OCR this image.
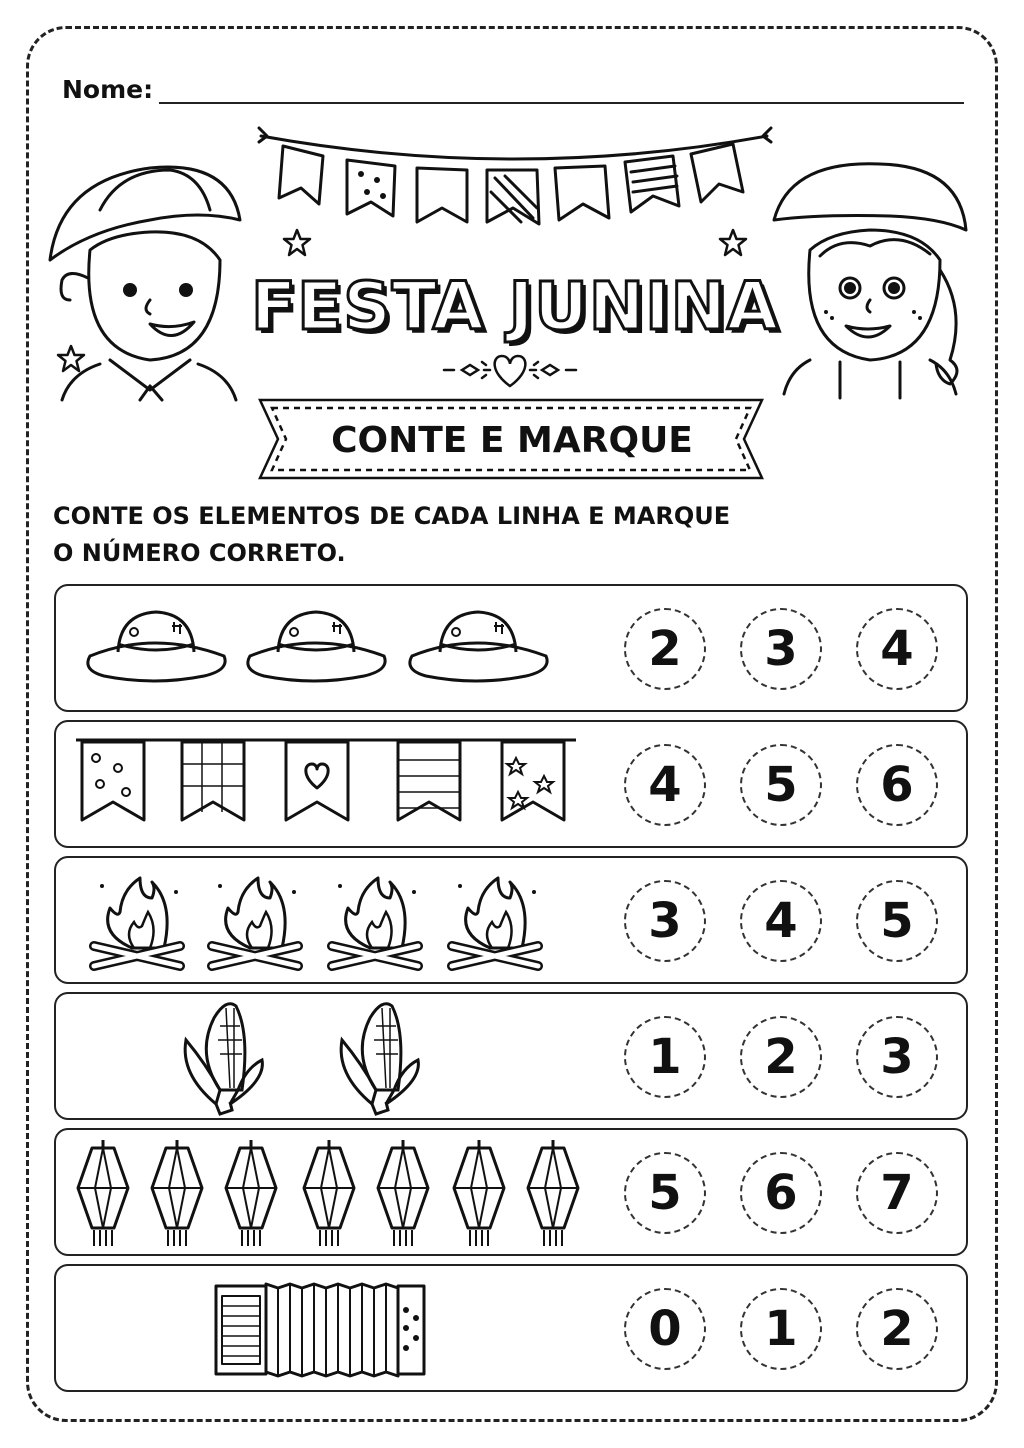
Nome:
FESTA JUNINA
CONTE E MARQUE
CONTE OS ELEMENTOS DE CADA LINHA E MARQUE
O NÚMERO CORRETO.
2	3	4
4	5	6
3	4	5
1	2	3
5	6	7
0	1	2
